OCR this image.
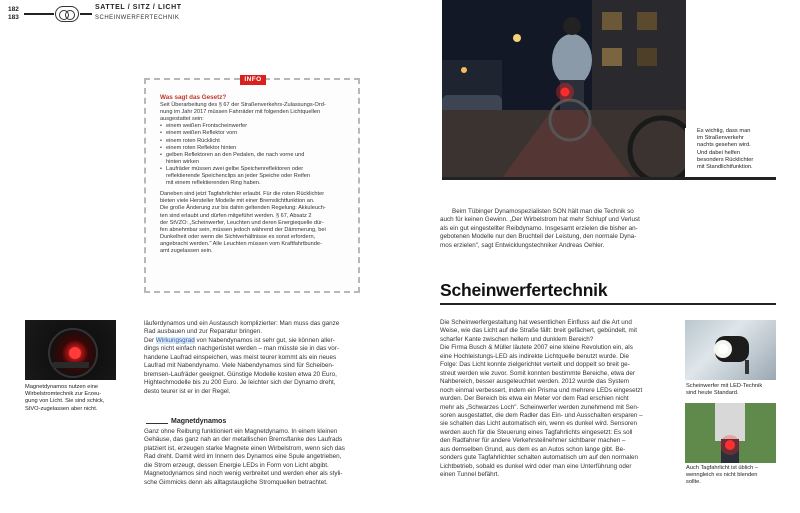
182
183
SATTEL / SITZ / LICHT
SCHEINWERFERTECHNIK
INFO
Was sagt das Gesetz?
Seit Überarbeitung des § 67 der Straßenverkehrs-Zulassungs-Ord-
nung im Jahr 2017 müssen Fahrräder mit folgenden Lichtquellen
ausgestattet sein:
• einem weißen Frontscheinwerfer
• einem weißen Reflektor vorn
• einem roten Rücklicht
• einem roten Reflektor hinten
• gelben Reflektoren an den Pedalen, die nach vorne und
hinten wirken
• Laufräder müssen zwei gelbe Speichenreflektoren oder
reflektierende Speichenclips an jeder Speiche oder Reifen
mit einem reflektierenden Ring haben.

Daneben sind jetzt Tagfahrlichter erlaubt. Für die roten Rücklichter
bieten viele Hersteller Modelle mit einer Bremslichtfunktion an.
Die große Änderung zur bis dahin geltenden Regelung: Akkuleuch-
ten sind erlaubt und dürfen mitgeführt werden. § 67, Absatz 2
der StVZO: „Scheinwerfer, Leuchten und deren Energiequelle dür-
fen abnehmbar sein, müssen jedoch während der Dämmerung, bei
Dunkelheit oder wenn die Sichtverhältnisse es sonst erfordern,
angebracht werden." Alle Leuchten müssen vom Kraftfahrtbunde-
amt zugelassen sein.

Es wichtig, dass man
im Straßenverkehr
nachts gesehen wird.
Und dabei helfen
besonders Rücklichter
mit Standlichtfunktion.
Beim Tübinger Dynamospezialisten SON hält man die Technik so
auch für keinen Gewinn. „Der Wirbelstrom hat mehr Schlupf und Verlust
als ein gut eingestellter Reibdynamo. Insgesamt erzielen die bisher an-
gebotenen Modelle nur den Bruchteil der Leistung, den normale Dyna-
mos erzielen", sagt Entwicklungstechniker Andreas Oehler.
Scheinwerfertechnik
Magnetdynamos nutzen eine
Wirbelstromtechnik zur Erzeu-
gung von Licht. Sie sind schick,
StVO-zugelassen aber nicht.
läuferdynamos und ein Austausch komplizierter: Man muss das ganze
Rad ausbauen und zur Reparatur bringen.
Der Wirkungsgrad von Nabendynamos ist sehr gut, sie können aller-
dings nicht einfach nachgerüstet werden – man müsste sie in das vor-
handene Laufrad einspeichen, was meist teurer kommt als ein neues
Laufrad mit Nabendynamo. Viele Nabendynamos sind für Scheiben-
bremsen-Laufräder geeignet. Günstige Modelle kosten etwa 20 Euro,
Hightechmodelle bis zu 200 Euro. Je leichter sich der Dynamo dreht,
desto teurer ist er in der Regel.
Magnetdynamos
Ganz ohne Reibung funktioniert ein Magnetdynamo. In einem kleinen
Gehäuse, das ganz nah an der metallischen Bremsflanke des Laufrads
platziert ist, erzeugen starke Magnete einen Wirbelstrom, wenn sich das
Rad dreht. Damit wird im Innern des Dynamos eine Spule angetrieben,
die Strom erzeugt, dessen Energie LEDs in Form von Licht abgibt.
Magnetodynamos sind noch wenig verbreitet und werden eher als styli-
sche Gimmicks denn als alltagstaugliche Stromquellen betrachtet.
Die Scheinwerfergestaltung hat wesentlichen Einfluss auf die Art und
Weise, wie das Licht auf die Straße fällt: breit gefächert, gebündelt, mit
scharfer Kante zwischen hellem und dunklem Bereich?
Die Firma Busch & Müller läutete 2007 eine kleine Revolution ein, als
eine Hochleistungs-LED als indirekte Lichtquelle benutzt wurde. Die
Folge: Das Licht konnte zielgerichtet verteilt und doppelt so breit ge-
streut werden wie zuvor. Somit konnten bestimmte Bereiche, etwa der
Nahbereich, besser ausgeleuchtet werden. 2012 wurde das System
noch einmal verbessert, indem ein Prisma und mehrere LEDs eingesetzt
wurden. Der Bereich bis etwa ein Meter vor dem Rad erschien nicht
mehr als „Schwarzes Loch". Scheinwerfer werden zunehmend mit Sen-
soren ausgestattet, die dem Radler das Ein- und Ausschalten ersparen –
sie schalten das Licht automatisch ein, wenn es dunkel wird. Sensoren
werden auch für die Steuerung eines Tagfahrlichts eingesetzt: Es soll
den Radfahrer für andere Verkehrsteilnehmer sichtbarer machen –
aus demselben Grund, aus dem es an Autos schon lange gibt. Be-
sonders gute Tagfahrlichter schalten automatisch um auf den normalen
Lichtbetrieb, sobald es dunkel wird oder man eine Unterführung oder
einen Tunnel befährt.
Scheinwerfer mit LED-Technik
sind heute Standard.
Auch Tagfahrlicht ist üblich –
wenngleich es nicht blenden
sollte.
